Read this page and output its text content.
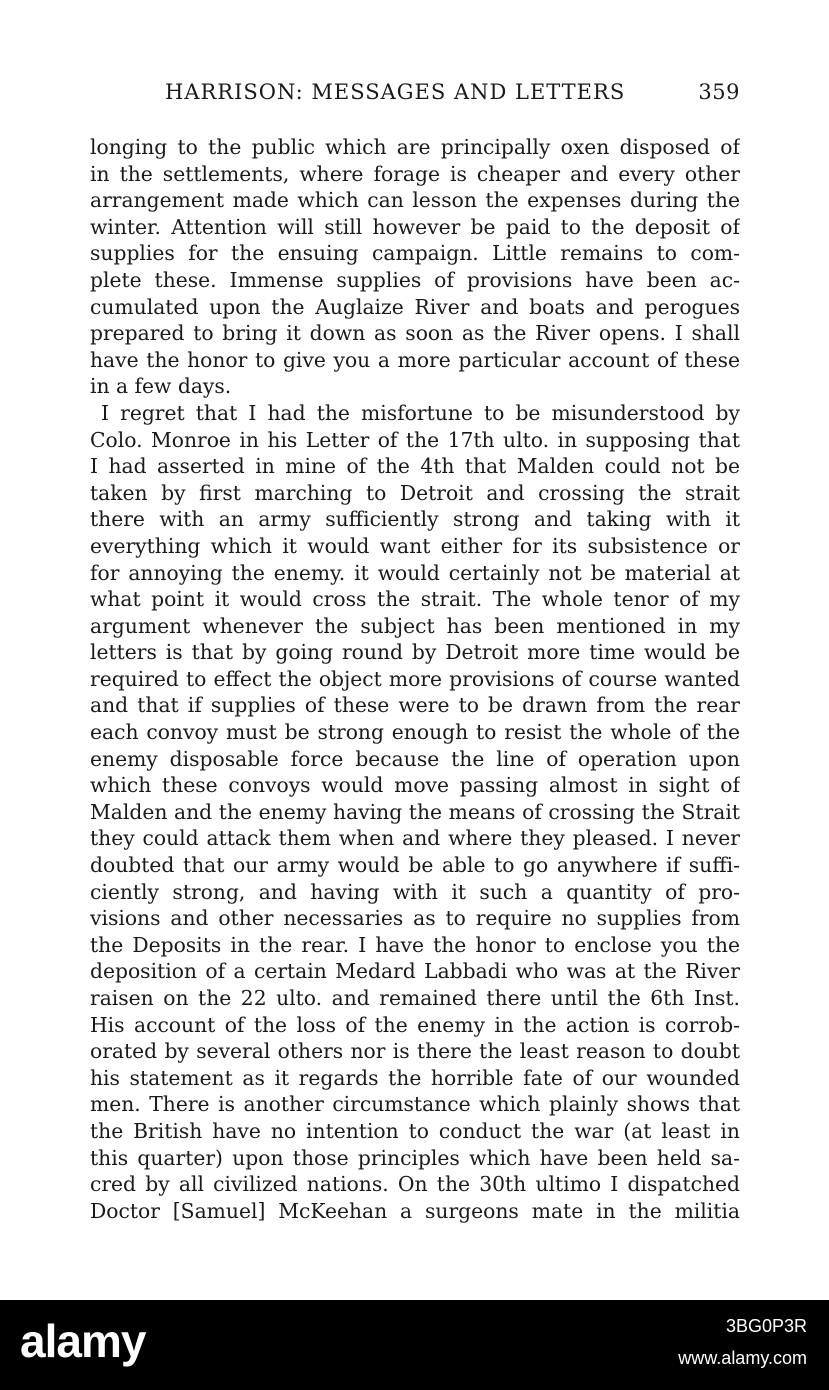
HARRISON: MESSAGES AND LETTERS	359
longing to the public which are principally oxen disposed of
in the settlements, where forage is cheaper and every other
arrangement made which can lesson the expenses during the
winter. Attention will still however be paid to the deposit of
supplies for the ensuing campaign. Little remains to com-
plete these. Immense supplies of provisions have been ac-
cumulated upon the Auglaize River and boats and perogues
prepared to bring it down as soon as the River opens. I shall
have the honor to give you a more particular account of these
in a few days.
I regret that I had the misfortune to be misunderstood by
Colo. Monroe in his Letter of the 17th ulto. in supposing that
I had asserted in mine of the 4th that Malden could not be
taken by first marching to Detroit and crossing the strait
there with an army sufficiently strong and taking with it
everything which it would want either for its subsistence or
for annoying the enemy. it would certainly not be material at
what point it would cross the strait. The whole tenor of my
argument whenever the subject has been mentioned in my
letters is that by going round by Detroit more time would be
required to effect the object more provisions of course wanted
and that if supplies of these were to be drawn from the rear
each convoy must be strong enough to resist the whole of the
enemy disposable force because the line of operation upon
which these convoys would move passing almost in sight of
Malden and the enemy having the means of crossing the Strait
they could attack them when and where they pleased. I never
doubted that our army would be able to go anywhere if suffi-
ciently strong, and having with it such a quantity of pro-
visions and other necessaries as to require no supplies from
the Deposits in the rear. I have the honor to enclose you the
deposition of a certain Medard Labbadi who was at the River
raisen on the 22 ulto. and remained there until the 6th Inst.
His account of the loss of the enemy in the action is corrob-
orated by several others nor is there the least reason to doubt
his statement as it regards the horrible fate of our wounded
men. There is another circumstance which plainly shows that
the British have no intention to conduct the war (at least in
this quarter) upon those principles which have been held sa-
cred by all civilized nations. On the 30th ultimo I dispatched
Doctor [Samuel] McKeehan a surgeons mate in the militia
alamy	3BG0P3R
www.alamy.com
